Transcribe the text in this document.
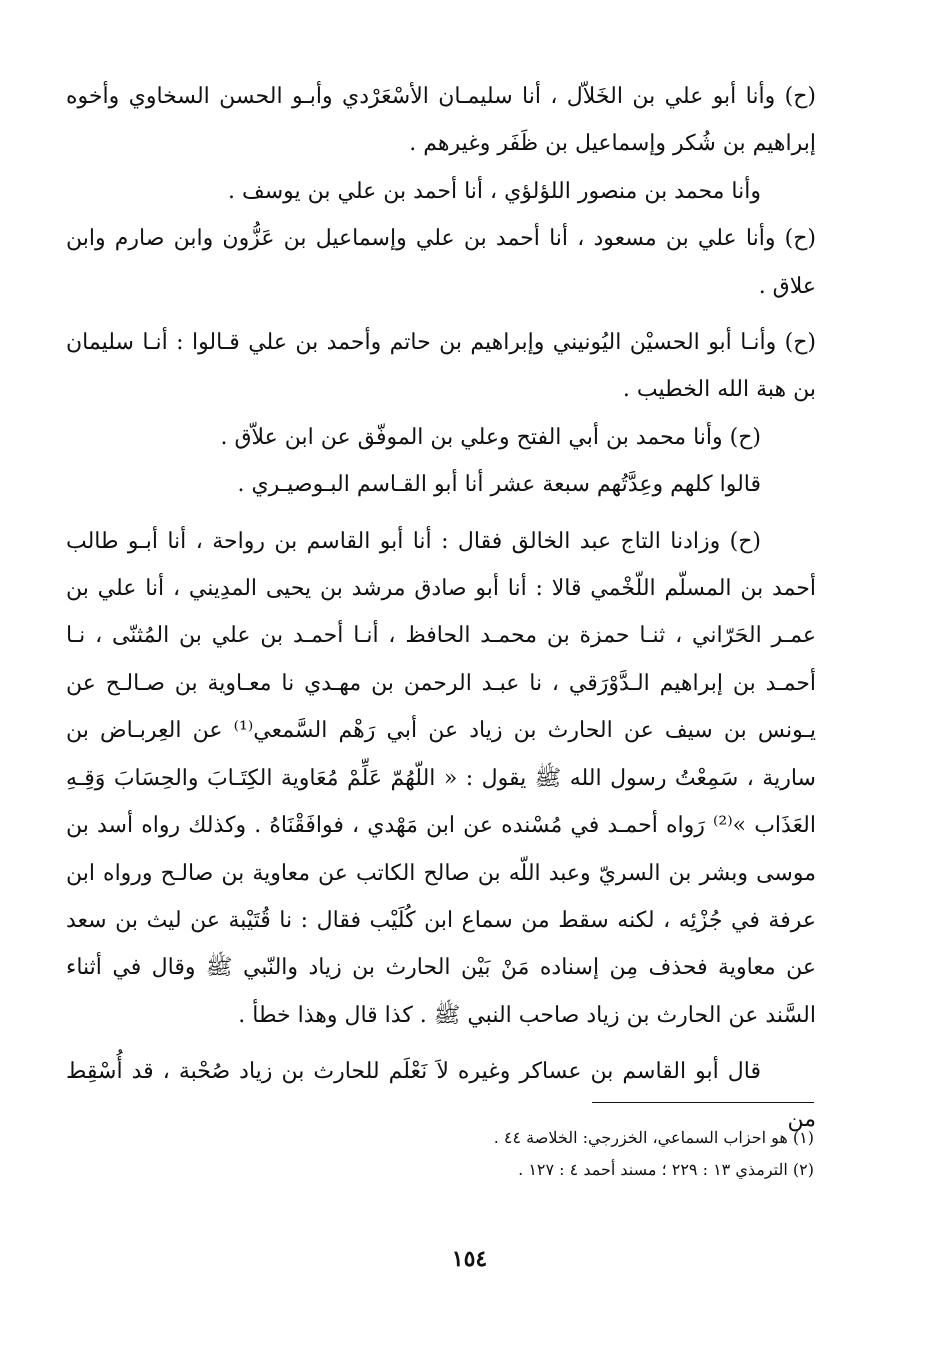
(ح) وأنا أبو علي بن الخَلاّل ، أنا سليمـان الأسْعَرْدي وأبـو الحسن السخاوي وأخوه إبراهيم بن شُكر وإسماعيل بن ظَفَر وغيرهم .

وأنا محمد بن منصور اللؤلؤي ، أنا أحمد بن علي بن يوسف .

(ح) وأنا علي بن مسعود ، أنا أحمد بن علي وإسماعيل بن عَزُّون وابن صارم وابن علاق .

(ح) وأنـا أبو الحسيْن اليُونيني وإبراهيم بن حاتم وأحمد بن علي قـالوا : أنـا سليمان بن هبة الله الخطيب .

(ح) وأنا محمد بن أبي الفتح وعلي بن الموفّق عن ابن علاّق .

قالوا كلهم وعِدَّتُهم سبعة عشر أنا أبو القـاسم البـوصيـري .

(ح) وزادنا التاج عبد الخالق فقال : أنا أبو القاسم بن رواحة ، أنا أبـو طالب أحمد بن المسلّم اللّخْمي قالا : أنا أبو صادق مرشد بن يحيى المدِيني ، أنا علي بن عمـر الحَرّاني ، ثنـا حمزة بن محمـد الحافظ ، أنـا أحمـد بن علي بن المُثنّى ، نـا أحمـد بن إبراهيم الـدَّوْرَقي ، نا عبـد الرحمن بن مهـدي نا معـاوية بن صـالـح عن يـونس بن سيف عن الحارث بن زياد عن أبي رَهْم السَّمعي⁽¹⁾ عن العِربـاض بن سارية ، سَمِعْتُ رسول الله ﷺ يقول : « اللّهُمّ عَلِّمْ مُعَاوية الكِتَـابَ والحِسَابَ وَقِـهِ العَذَاب »⁽²⁾ رَواه أحمـد في مُسْنده عن ابن مَهْدي ، فوافَقْنَاهُ . وكذلك رواه أسد بن موسى وبشر بن السريّ وعبد اللّه بن صالح الكاتب عن معاوية بن صالـح ورواه ابن عرفة في جُزْئِه ، لكنه سقط من سماع ابن كُلَيْب فقال : نا قُتَيْبة عن ليث بن سعد عن معاوية فحذف مِن إسناده مَنْ بَيْن الحارث بن زياد والنّبي ﷺ وقال في أثناء السَّند عن الحارث بن زياد صاحب النبي ﷺ . كذا قال وهذا خطأ .

قال أبو القاسم بن عساكر وغيره لاَ نَعْلَم للحارث بن زياد صُحْبة ، قد أُسْقِط من

(١) هو احزاب السماعي، الخزرجي: الخلاصة ٤٤ .

(٢) الترمذي ١٣ : ٢٢٩ ؛ مسند أحمد ٤ : ١٢٧ .

١٥٤
